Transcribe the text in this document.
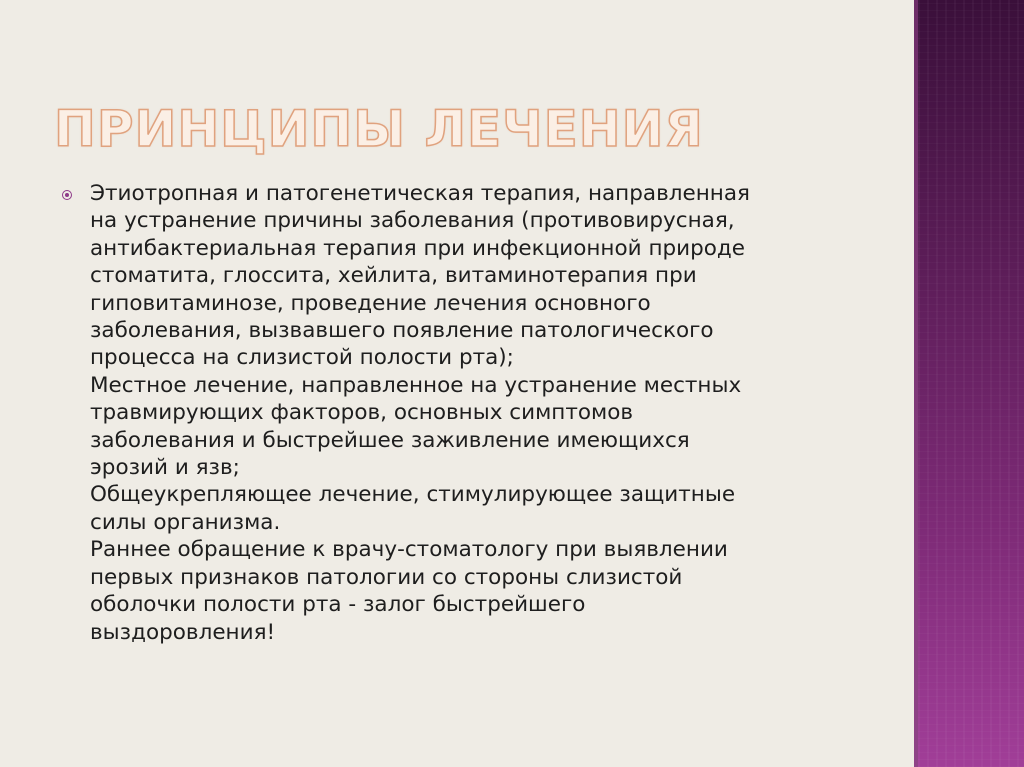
ПРИНЦИПЫ ЛЕЧЕНИЯ
Этиотропная и патогенетическая терапия, направленная
на устранение причины заболевания (противовирусная,
антибактериальная терапия при инфекционной природе
стоматита, глоссита, хейлита, витаминотерапия при
гиповитаминозе, проведение лечения основного
заболевания, вызвавшего появление патологического
процесса на слизистой полости рта);
Местное лечение, направленное на устранение местных
травмирующих факторов, основных симптомов
заболевания и быстрейшее заживление имеющихся
эрозий и язв;
Общеукрепляющее лечение, стимулирующее защитные
силы организма.
Раннее обращение к врачу-стоматологу при выявлении
первых признаков патологии со стороны слизистой
оболочки полости рта - залог быстрейшего
выздоровления!
